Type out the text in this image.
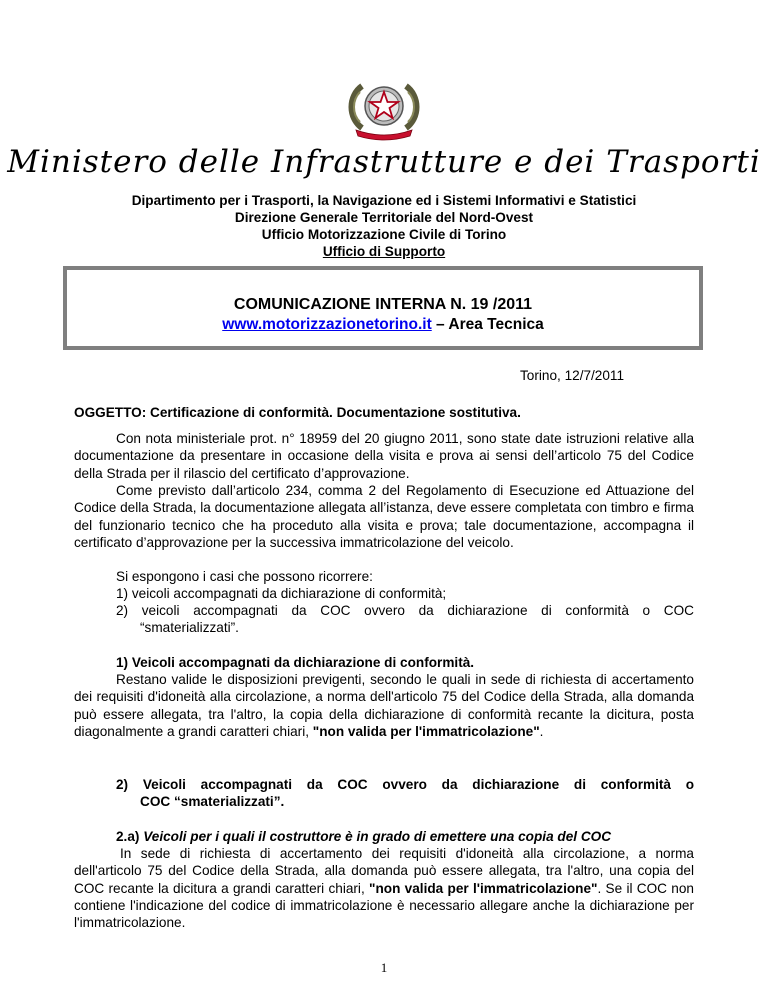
Ministero delle Infrastrutture e dei Trasporti
Dipartimento per i Trasporti, la Navigazione ed i Sistemi Informativi e Statistici
Direzione Generale Territoriale del Nord-Ovest
Ufficio Motorizzazione Civile di Torino
Ufficio di Supporto
COMUNICAZIONE INTERNA N. 19 /2011
www.motorizzazionetorino.it – Area Tecnica
Torino, 12/7/2011
OGGETTO: Certificazione di conformità. Documentazione sostitutiva.

Con nota ministeriale prot. n° 18959 del 20 giugno 2011, sono state date istruzioni relative alla documentazione da presentare in occasione della visita e prova ai sensi dell’articolo 75 del Codice della Strada per il rilascio del certificato d’approvazione.

Come previsto dall’articolo 234, comma 2 del Regolamento di Esecuzione ed Attuazione del Codice della Strada, la documentazione allegata all’istanza, deve essere completata con timbro e firma del funzionario tecnico che ha proceduto alla visita e prova; tale documentazione, accompagna il certificato d’approvazione per la successiva immatricolazione del veicolo.

Si espongono i casi che possono ricorrere:

1) veicoli accompagnati da dichiarazione di conformità;

2) veicoli accompagnati da COC ovvero da dichiarazione di conformità o COC

“smaterializzati”.

1) Veicoli accompagnati da dichiarazione di conformità.

Restano valide le disposizioni previgenti, secondo le quali in sede di richiesta di accertamento dei requisiti d'idoneità alla circolazione, a norma dell'articolo 75 del Codice della Strada, alla domanda può essere allegata, tra l'altro, la copia della dichiarazione di conformità recante la dicitura, posta diagonalmente a grandi caratteri chiari, "non valida per l'immatricolazione".

2) Veicoli accompagnati da COC ovvero da dichiarazione di conformità o

COC “smaterializzati”.

2.a) Veicoli per i quali il costruttore è in grado di emettere una copia del COC

In sede di richiesta di accertamento dei requisiti d'idoneità alla circolazione, a norma dell'articolo 75 del Codice della Strada, alla domanda può essere allegata, tra l'altro, una copia del COC recante la dicitura a grandi caratteri chiari, "non valida per l'immatricolazione". Se il COC non contiene l'indicazione del codice di immatricolazione è necessario allegare anche la dichiarazione per l'immatricolazione.

1
